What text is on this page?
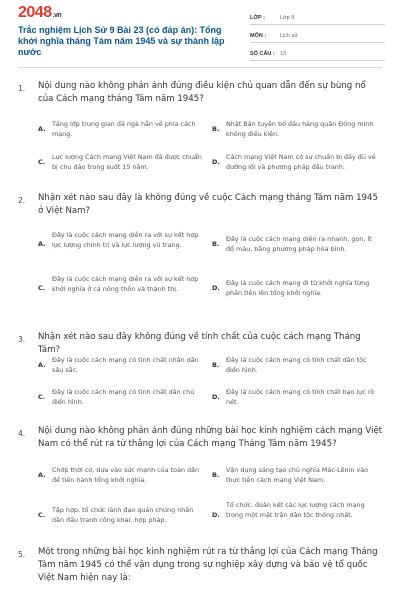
2048.vn
Trắc nghiệm Lịch Sử 9 Bài 23 (có đáp án): Tổng khởi nghĩa tháng Tám năm 1945 và sự thành lập nước
LỚP :	Lớp 9
MÔN :	Lịch sử
SỐ CÂU : 13
1. Nội dung nào không phản ánh đúng điều kiện chủ quan dẫn đến sự bùng nổ của Cách mạng tháng Tám năm 1945?
A.
Tầng lớp trung gian đã ngả hẳn về phía cách mạng.
B.
Nhật Bản tuyên bố đầu hàng quân Đồng minh không điều kiện.
C.
Lực lượng Cách mạng Việt Nam đã được chuẩn bị chu đáo trong suốt 15 năm.
D.
Cách mạng Việt Nam có sự chuẩn bị đầy đủ về đường lối và phương pháp đấu tranh.
2. Nhận xét nào sau đây là không đúng về cuộc Cách mạng tháng Tám năm 1945 ở Việt Nam?
A.
Đây là cuộc cách mạng diễn ra với sự kết hợp lực lượng chính trị và lực lượng vũ trang.	B.
Đây là cuộc cách mạng diễn ra nhanh, gọn, ít đổ máu, bằng phương pháp hòa bình.
C.
Đây là cuộc cách mạng diễn ra với sự kết hợp khởi nghĩa ở cả nông thôn và thành thị.	D.
Đây là cuộc cách mạng đi từ khởi nghĩa từng phần tiến lên tổng khởi nghĩa.
3. Nhận xét nào sau đây không đúng về tính chất của cuộc cách mạng Tháng Tám?
A.
Đây là cuộc cách mạng có tính chất nhân dân sâu sắc.
B.
Đây là cuộc cách mạng có tính chất dân tộc điển hình.
C.
Đây là cuộc cách mạng có tính chất dân chủ điển hình.
D.
Đây là cuộc cách mạng có tính chất bạo lực rõ nét.
4. Nội dung nào không phản ánh đúng những bài học kinh nghiệm cách mạng Việt Nam có thể rút ra từ thắng lợi của Cách mạng Tháng Tám năm 1945?
A.
Chớp thời cơ, dựa vào sức mạnh của toàn dân để tiến hành tổng khởi nghĩa.
B.
Vận dụng sáng tạo chủ nghĩa Mác-Lênin vào thực tiễn cách mạng Việt Nam.
C.
Tập hợp, tổ chức lãnh đạo quần chúng nhân dân đấu tranh công khai, hợp pháp.
D.
Tổ chức, đoàn kết các lực lượng cách mạng trong một mặt trận dân tộc thống nhất.
5. Một trong những bài học kinh nghiệm rút ra từ thắng lợi của Cách mạng Tháng Tám năm 1945 có thể vận dụng trong sự nghiệp xây dựng và bảo vệ tổ quốc Việt Nam hiện nay là:
